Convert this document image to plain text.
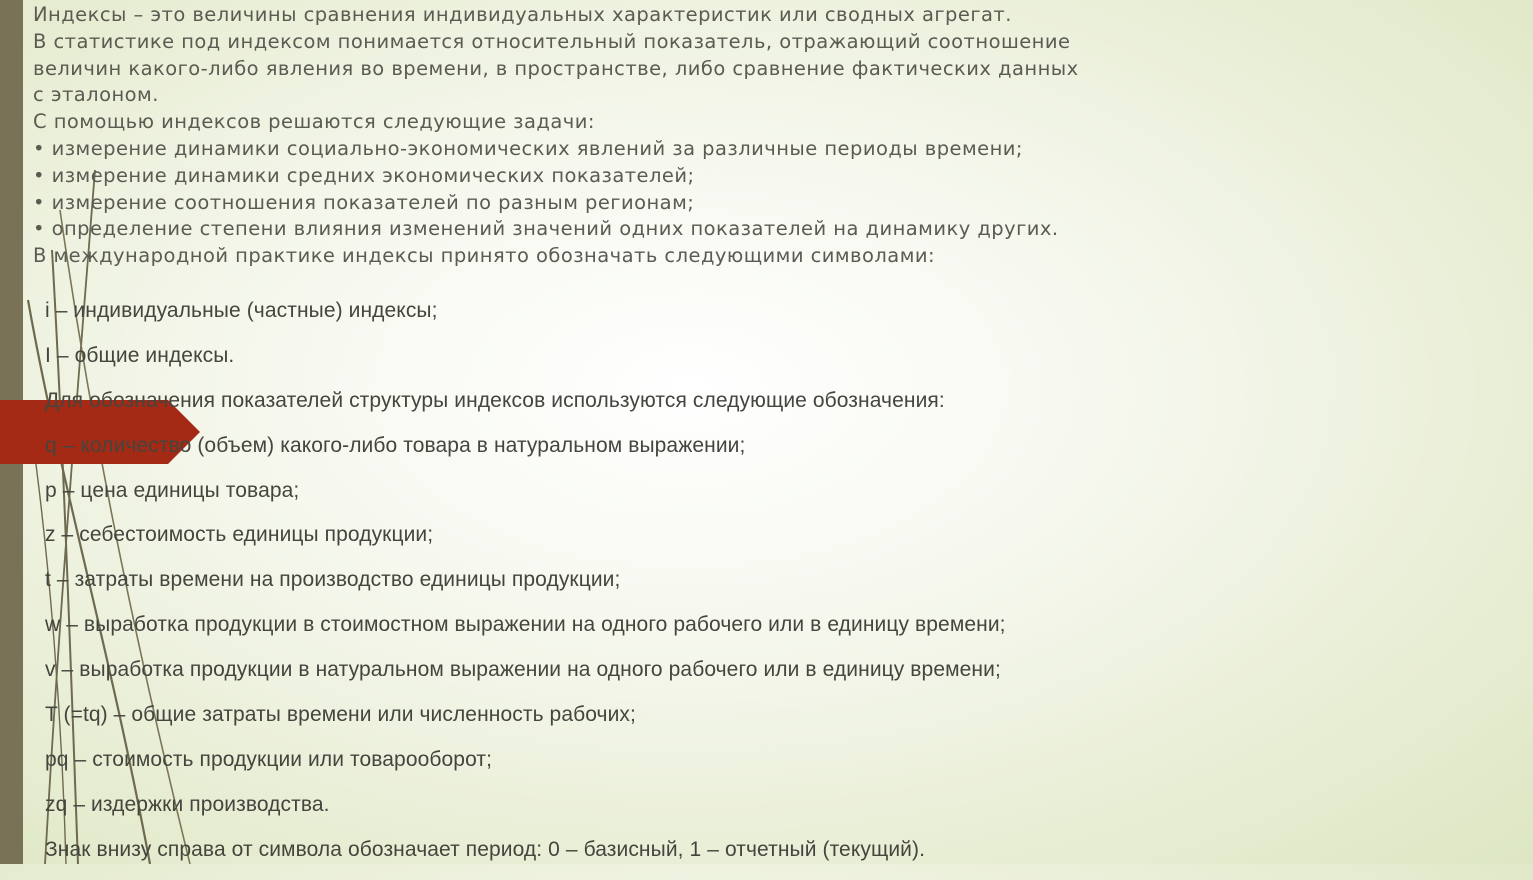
Индексы – это величины сравнения индивидуальных характеристик или сводных агрегат.

В статистике под индексом понимается относительный показатель, отражающий соотношение

величин какого-либо явления во времени, в пространстве, либо сравнение фактических данных

с эталоном.

С помощью индексов решаются следующие задачи:

• измерение динамики социально-экономических явлений за различные периоды времени;

• измерение динамики средних экономических показателей;

• измерение соотношения показателей по разным регионам;

• определение степени влияния изменений значений одних показателей на динамику других.

В международной практике индексы принято обозначать следующими символами:

i – индивидуальные (частные) индексы;

I – общие индексы.

Для обозначения показателей структуры индексов используются следующие обозначения:

q – количество (объем) какого-либо товара в натуральном выражении;

p – цена единицы товара;

z – себестоимость единицы продукции;

t – затраты времени на производство единицы продукции;

w – выработка продукции в стоимостном выражении на одного рабочего или в единицу времени;

v – выработка продукции в натуральном выражении на одного рабочего или в единицу времени;

T (=tq) – общие затраты времени или численность рабочих;

pq – стоимость продукции или товарооборот;

zq – издержки производства.

Знак внизу справа от символа обозначает период: 0 – базисный, 1 – отчетный (текущий).
